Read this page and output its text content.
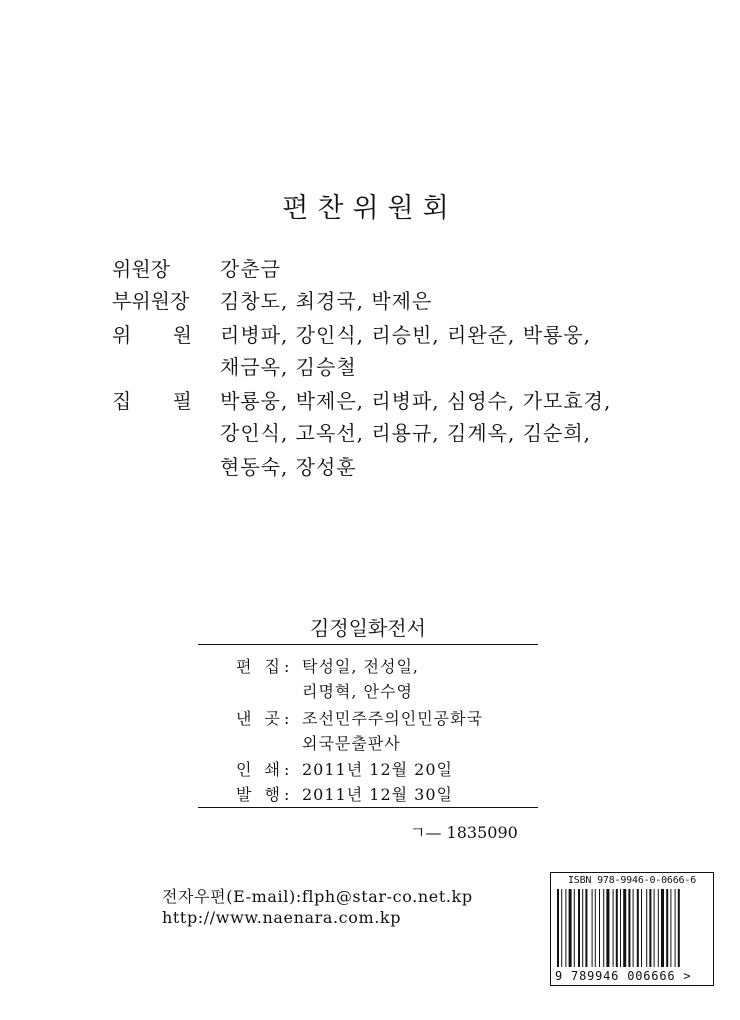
편찬위원회
위원장	강춘금
부위원장	김창도, 최경국, 박제은
위 원 리병파, 강인식, 리승빈, 리완준, 박룡웅,
채금옥, 김승철
집 필 박룡웅, 박제은, 리병파, 심영수, 가모효경,
강인식, 고옥선, 리용규, 김계옥, 김순희,
현동숙, 장성훈
김정일화전서
편 집: 탁성일, 전성일,
리명혁, 안수영
낸 곳: 조선민주주의인민공화국
외국문출판사
인 쇄: 2011년 12월 20일
발 행: 2011년 12월 30일
ㄱ— 1835090
전자우편(E-mail):flph@star-co.net.kp
http://www.naenara.com.kp
ISBN 978-9946-0-0666-6
9 789946 006666 >
